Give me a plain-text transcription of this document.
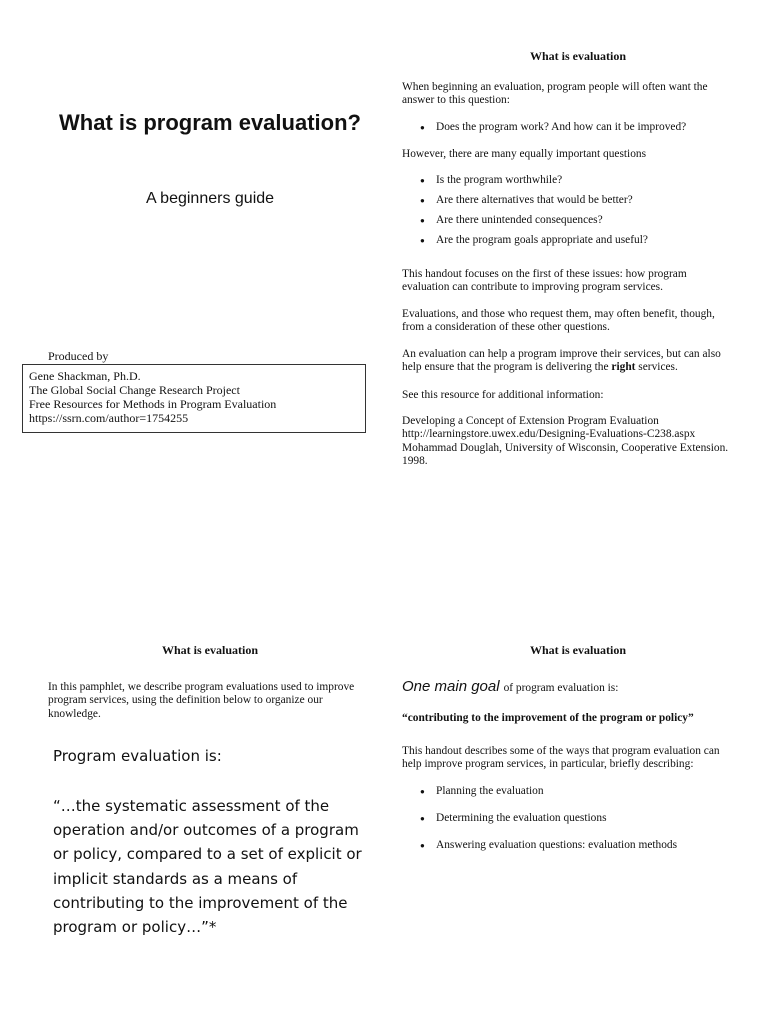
What is program evaluation?
A beginners guide
Produced by
Gene Shackman, Ph.D.
The Global Social Change Research Project
Free Resources for Methods in Program Evaluation
https://ssrn.com/author=1754255
What is evaluation

When beginning an evaluation, program people will often want the answer to this question:

● Does the program work? And how can it be improved?

However, there are many equally important questions

● Is the program worthwhile?
● Are there alternatives that would be better?
● Are there unintended consequences?
● Are the program goals appropriate and useful?

This handout focuses on the first of these issues: how program evaluation can contribute to improving program services.

Evaluations, and those who request them, may often benefit, though, from a consideration of these other questions.

An evaluation can help a program improve their services, but can also help ensure that the program is delivering the right services.

See this resource for additional information:

Developing a Concept of Extension Program Evaluation
http://learningstore.uwex.edu/Designing-Evaluations-C238.aspx
Mohammad Douglah, University of Wisconsin, Cooperative Extension. 1998.
What is evaluation

In this pamphlet, we describe program evaluations used to improve program services, using the definition below to organize our knowledge.

Program evaluation is:

“…the systematic assessment of the operation and/or outcomes of a program or policy, compared to a set of explicit or implicit standards as a means of contributing to the improvement of the program or policy…”*

What is evaluation
One main goal of program evaluation is:
“contributing to the improvement of the program or policy”

This handout describes some of the ways that program evaluation can help improve program services, in particular, briefly describing:

● Planning the evaluation
● Determining the evaluation questions
● Answering evaluation questions: evaluation methods
